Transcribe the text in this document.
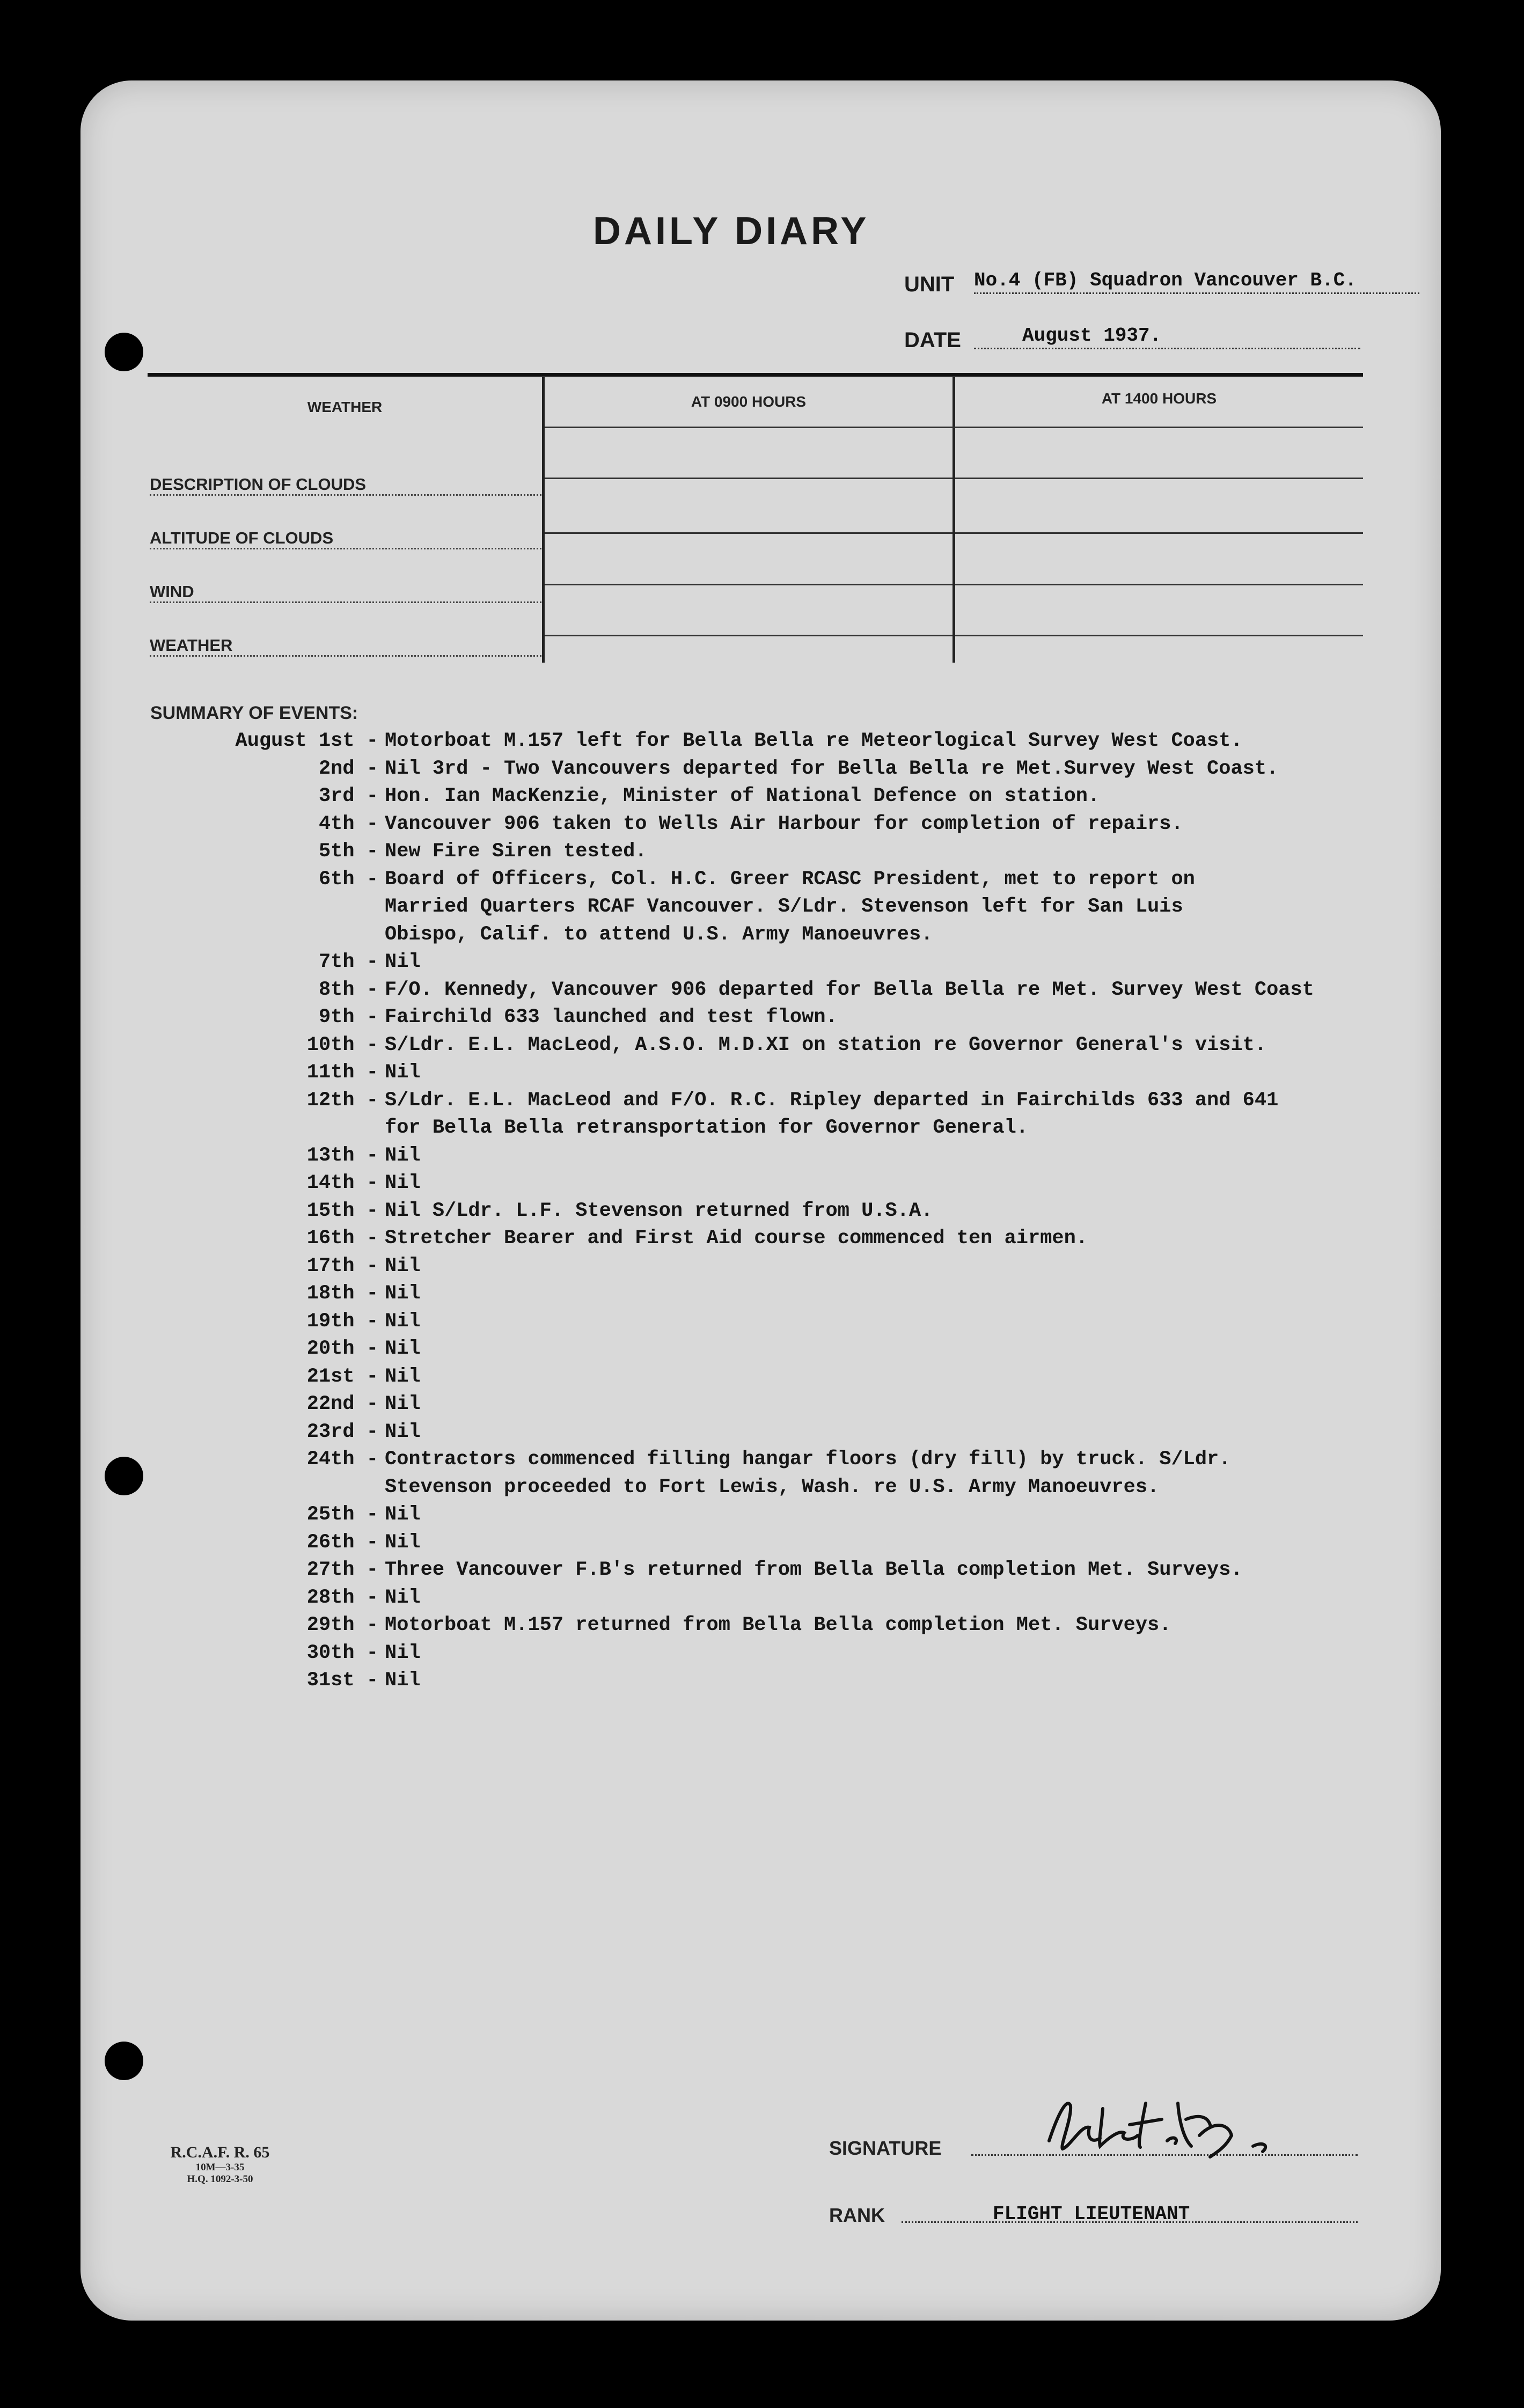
DAILY DIARY
UNIT No.4 (FB) Squadron Vancouver B.C.
DATE	August 1937.
WEATHER	AT 0900 HOURS	AT 1400 HOURS
DESCRIPTION OF CLOUDS
ALTITUDE OF CLOUDS
WIND
WEATHER
SUMMARY OF EVENTS:
August 1st - Motorboat M.157 left for Bella Bella re Meteorlogical Survey West Coast.
2nd - Nil 3rd - Two Vancouvers departed for Bella Bella re Met.Survey West Coast.
3rd - Hon. Ian MacKenzie, Minister of National Defence on station.
4th - Vancouver 906 taken to Wells Air Harbour for completion of repairs.
5th - New Fire Siren tested.
6th - Board of Officers, Col. H.C. Greer RCASC President, met to report on
Married Quarters RCAF Vancouver. S/Ldr. Stevenson left for San Luis
Obispo, Calif. to attend U.S. Army Manoeuvres.
7th - Nil
8th - F/O. Kennedy, Vancouver 906 departed for Bella Bella re Met. Survey West Coast
9th - Fairchild 633 launched and test flown.
10th - S/Ldr. E.L. MacLeod, A.S.O. M.D.XI on station re Governor General's visit.
11th - Nil
12th - S/Ldr. E.L. MacLeod and F/O. R.C. Ripley departed in Fairchilds 633 and 641
for Bella Bella retransportation for Governor General.
13th - Nil
14th - Nil
15th - Nil S/Ldr. L.F. Stevenson returned from U.S.A.
16th - Stretcher Bearer and First Aid course commenced ten airmen.
17th - Nil
18th - Nil
19th - Nil
20th - Nil
21st - Nil
22nd - Nil
23rd - Nil
24th - Contractors commenced filling hangar floors (dry fill) by truck. S/Ldr.
Stevenson proceeded to Fort Lewis, Wash. re U.S. Army Manoeuvres.
25th - Nil
26th - Nil
27th - Three Vancouver F.B's returned from Bella Bella completion Met. Surveys.
28th - Nil
29th - Motorboat M.157 returned from Bella Bella completion Met. Surveys.
30th - Nil
31st - Nil
R.C.A.F. R. 65
10M—3-35
H.Q. 1092-3-50
SIGNATURE
RANK	FLIGHT LIEUTENANT
